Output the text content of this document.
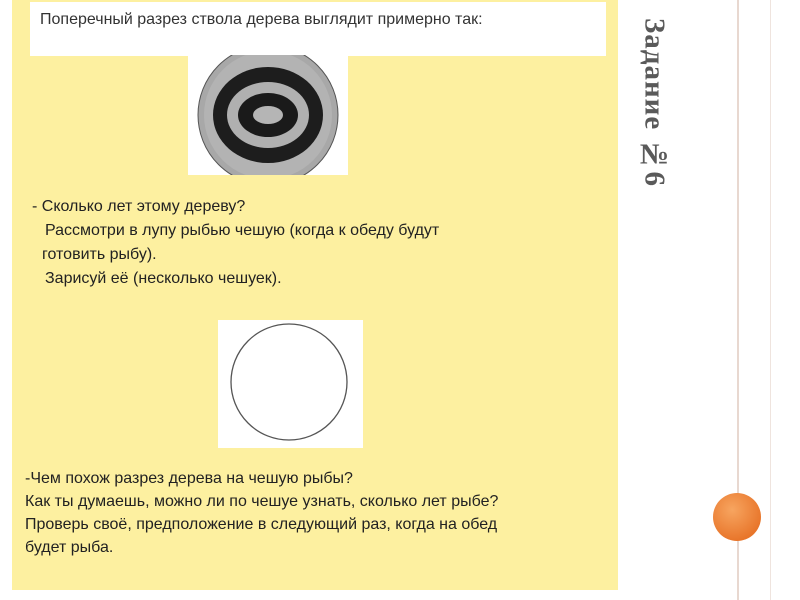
Поперечный разрез ствола дерева выглядит примерно так:
- Сколько лет этому дереву?
Рассмотри в лупу рыбью чешую (когда к обеду будут
готовить рыбу).
Зарисуй её (несколько чешуек).
-Чем похож разрез дерева на чешую рыбы?
Как ты думаешь, можно ли по чешуе узнать, сколько лет рыбе?
Проверь своё, предположение в следующий раз, когда на обед
будет рыба.
Задание №6
